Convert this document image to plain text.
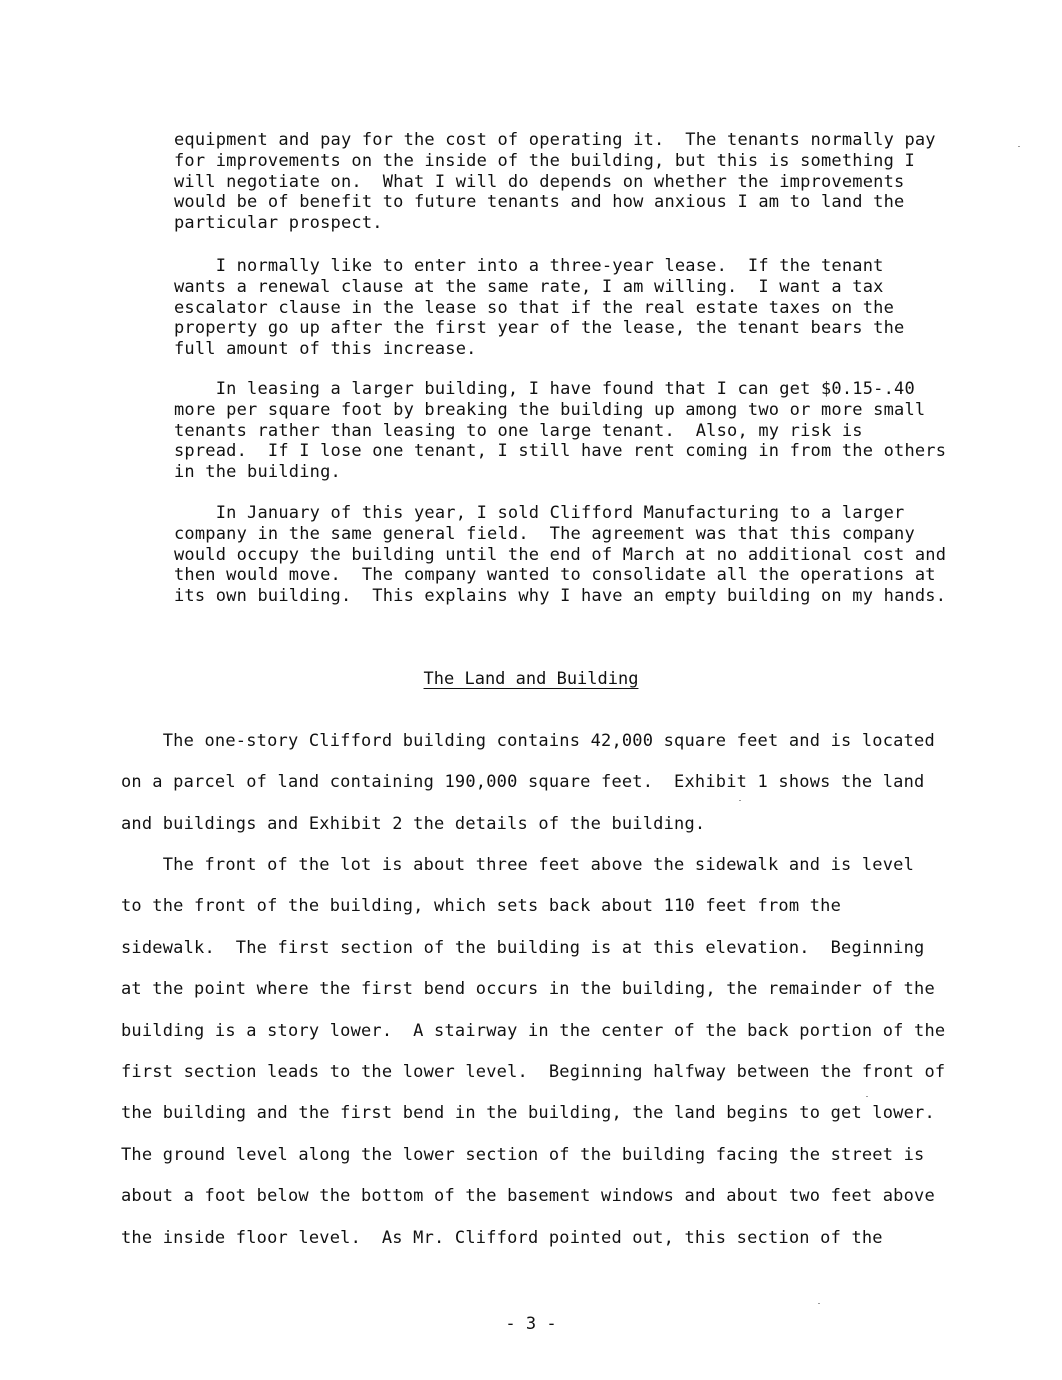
equipment and pay for the cost of operating it.  The tenants normally pay
for improvements on the inside of the building, but this is something I
will negotiate on.  What I will do depends on whether the improvements
would be of benefit to future tenants and how anxious I am to land the
particular prospect.
I normally like to enter into a three-year lease.  If the tenant
wants a renewal clause at the same rate, I am willing.  I want a tax
escalator clause in the lease so that if the real estate taxes on the
property go up after the first year of the lease, the tenant bears the
full amount of this increase.
In leasing a larger building, I have found that I can get $0.15-.40
more per square foot by breaking the building up among two or more small
tenants rather than leasing to one large tenant.  Also, my risk is
spread.  If I lose one tenant, I still have rent coming in from the others
in the building.
In January of this year, I sold Clifford Manufacturing to a larger
company in the same general field.  The agreement was that this company
would occupy the building until the end of March at no additional cost and
then would move.  The company wanted to consolidate all the operations at
its own building.  This explains why I have an empty building on my hands.
The Land and Building
The one-story Clifford building contains 42,000 square feet and is located
on a parcel of land containing 190,000 square feet.  Exhibit 1 shows the land
and buildings and Exhibit 2 the details of the building.
The front of the lot is about three feet above the sidewalk and is level
to the front of the building, which sets back about 110 feet from the
sidewalk.  The first section of the building is at this elevation.  Beginning
at the point where the first bend occurs in the building, the remainder of the
building is a story lower.  A stairway in the center of the back portion of the
first section leads to the lower level.  Beginning halfway between the front of
the building and the first bend in the building, the land begins to get lower.
The ground level along the lower section of the building facing the street is
about a foot below the bottom of the basement windows and about two feet above
the inside floor level.  As Mr. Clifford pointed out, this section of the
- 3 -
